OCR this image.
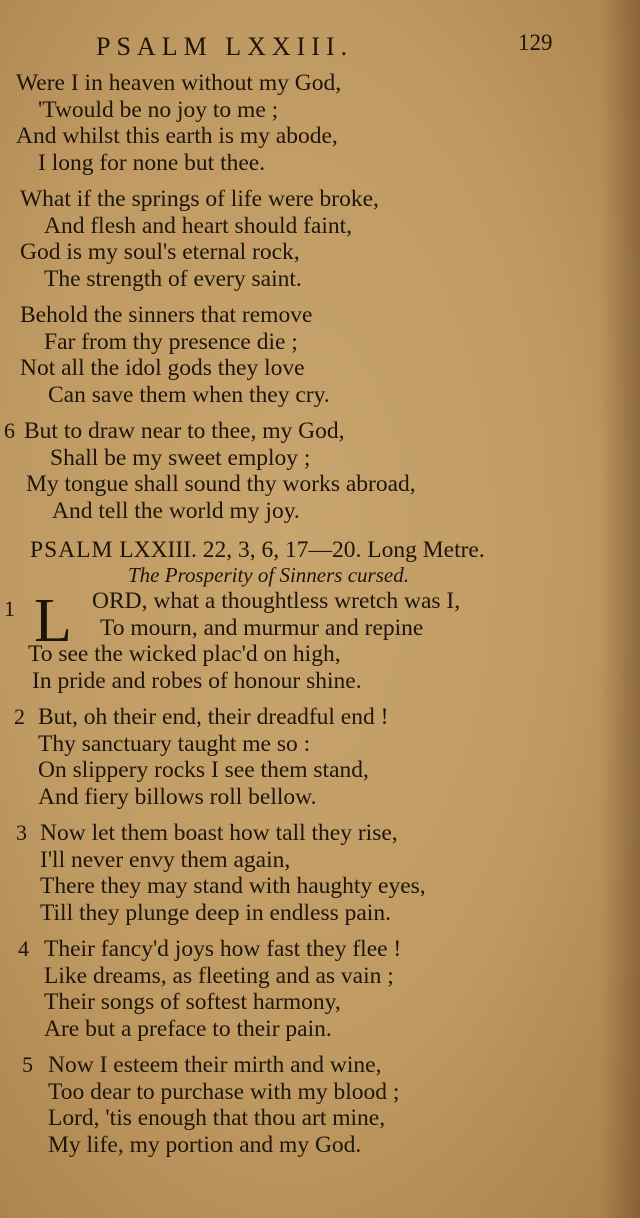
PSALM LXXIII.	129
Were I in heaven without my God,
'Twould be no joy to me ;
And whilst this earth is my abode,
I long for none but thee.
What if the springs of life were broke,
And flesh and heart should faint,
God is my soul's eternal rock,
The strength of every saint.
Behold the sinners that remove
Far from thy presence die ;
Not all the idol gods they love
Can save them when they cry.
6 But to draw near to thee, my God,
Shall be my sweet employ ;
My tongue shall sound thy works abroad,
And tell the world my joy.
PSALM LXXIII. 22, 3, 6, 17—20. Long Metre.
The Prosperity of Sinners cursed.
1 L ORD, what a thoughtless wretch was I,
To mourn, and murmur and repine
To see the wicked plac'd on high,
In pride and robes of honour shine.
2 But, oh their end, their dreadful end !
Thy sanctuary taught me so :
On slippery rocks I see them stand,
And fiery billows roll bellow.
3 Now let them boast how tall they rise,
I'll never envy them again,
There they may stand with haughty eyes,
Till they plunge deep in endless pain.
4 Their fancy'd joys how fast they flee !
Like dreams, as fleeting and as vain ;
Their songs of softest harmony,
Are but a preface to their pain.
5 Now I esteem their mirth and wine,
Too dear to purchase with my blood ;
Lord, 'tis enough that thou art mine,
My life, my portion and my God.
